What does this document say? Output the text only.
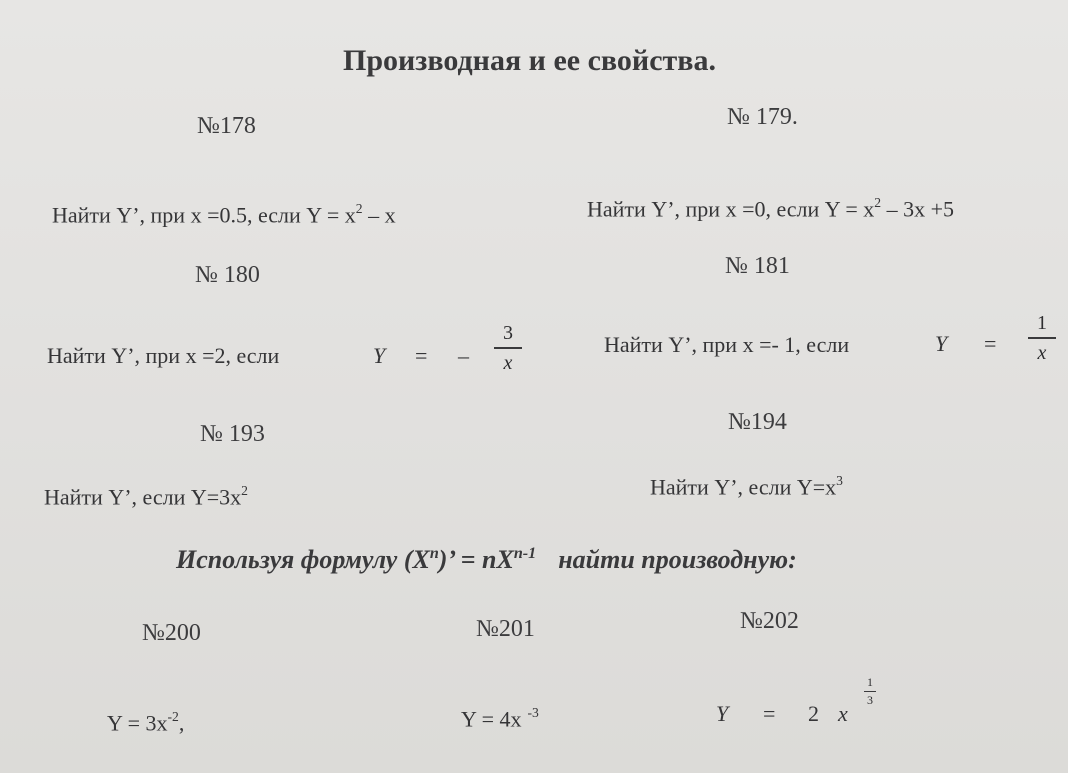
Производная и ее свойства.
№178
Найти Y’, при x =0.5, если $Y = x^2 - x$
№ 179.
Найти Y’, при x =0, если $Y = x^2 - 3x +5$
№ 180
Найти Y’, при x =2, если	Y = –
3
x
№ 181
Найти Y’, при x =- 1, если	Y =
1
x
№ 193
Найти Y’, если $Y=3x^2$
№194
Найти Y’, если $Y=x^3$
Используя формулу $(X^n)$’ = $nX^{n-1}$ найти производную:
№200
$Y = 3x^{-2}$,
№201
Y = 4x $^{-3}$
№202
Y = 2 x
1
3
